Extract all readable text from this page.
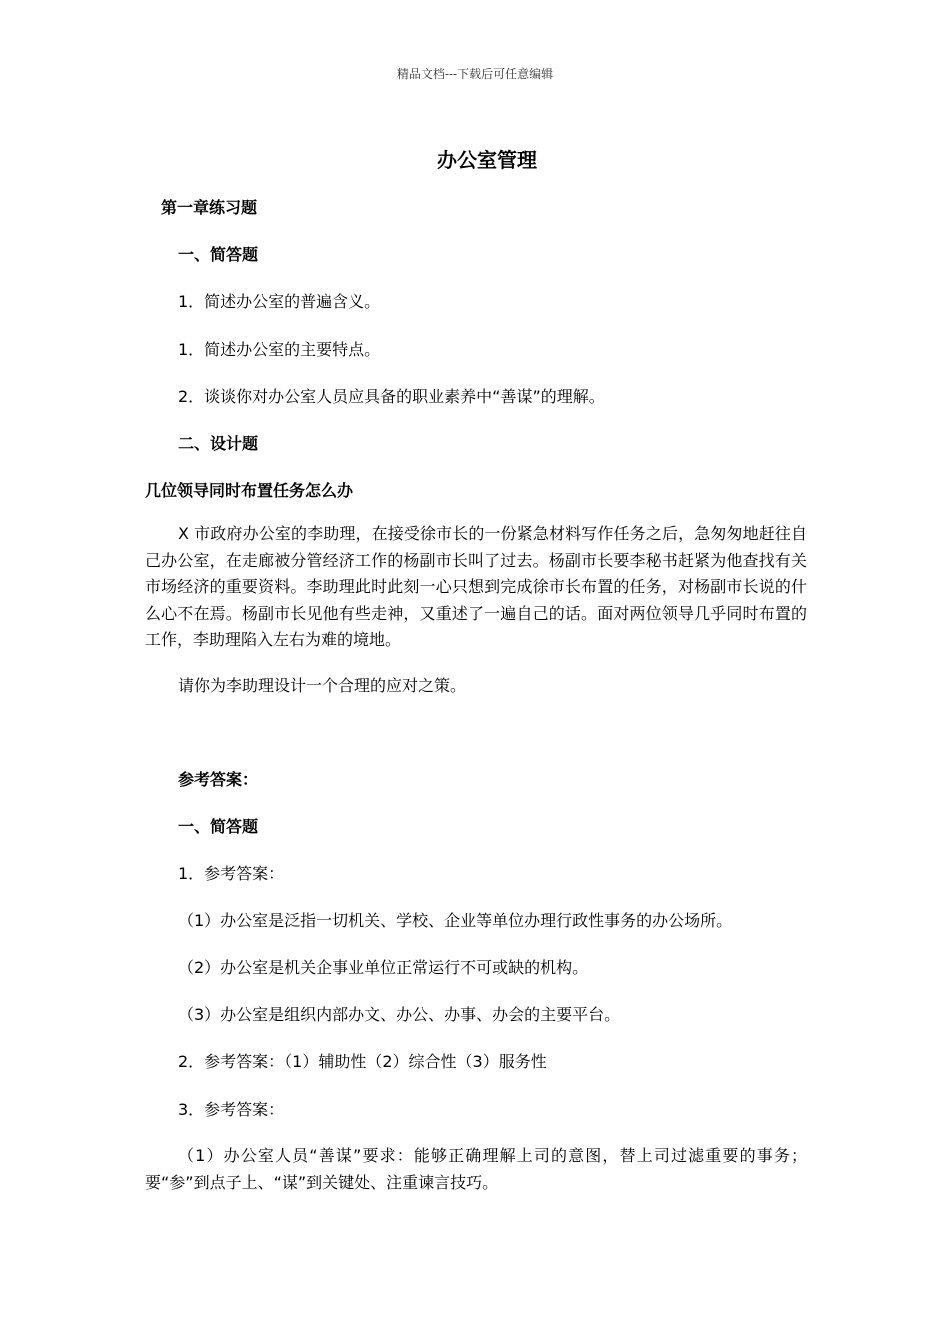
精品文档---下载后可任意编辑
办公室管理
第一章练习题
一、简答题
1．简述办公室的普遍含义。
1．简述办公室的主要特点。
2．谈谈你对办公室人员应具备的职业素养中“善谋”的理解。
二、设计题
几位领导同时布置任务怎么办
X 市政府办公室的李助理，在接受徐市长的一份紧急材料写作任务之后，急匆匆地赶往自己办公室，在走廊被分管经济工作的杨副市长叫了过去。杨副市长要李秘书赶紧为他查找有关市场经济的重要资料。李助理此时此刻一心只想到完成徐市长布置的任务，对杨副市长说的什么心不在焉。杨副市长见他有些走神，又重述了一遍自己的话。面对两位领导几乎同时布置的工作，李助理陷入左右为难的境地。
请你为李助理设计一个合理的应对之策。
参考答案：
一、简答题
1．参考答案：
（1）办公室是泛指一切机关、学校、企业等单位办理行政性事务的办公场所。
（2）办公室是机关企事业单位正常运行不可或缺的机构。
（3）办公室是组织内部办文、办公、办事、办会的主要平台。
2．参考答案：（1）辅助性（2）综合性（3）服务性
3．参考答案：
（1）办公室人员“善谋”要求：能够正确理解上司的意图，替上司过滤重要的事务；要“参”到点子上、“谋”到关键处、注重谏言技巧。
